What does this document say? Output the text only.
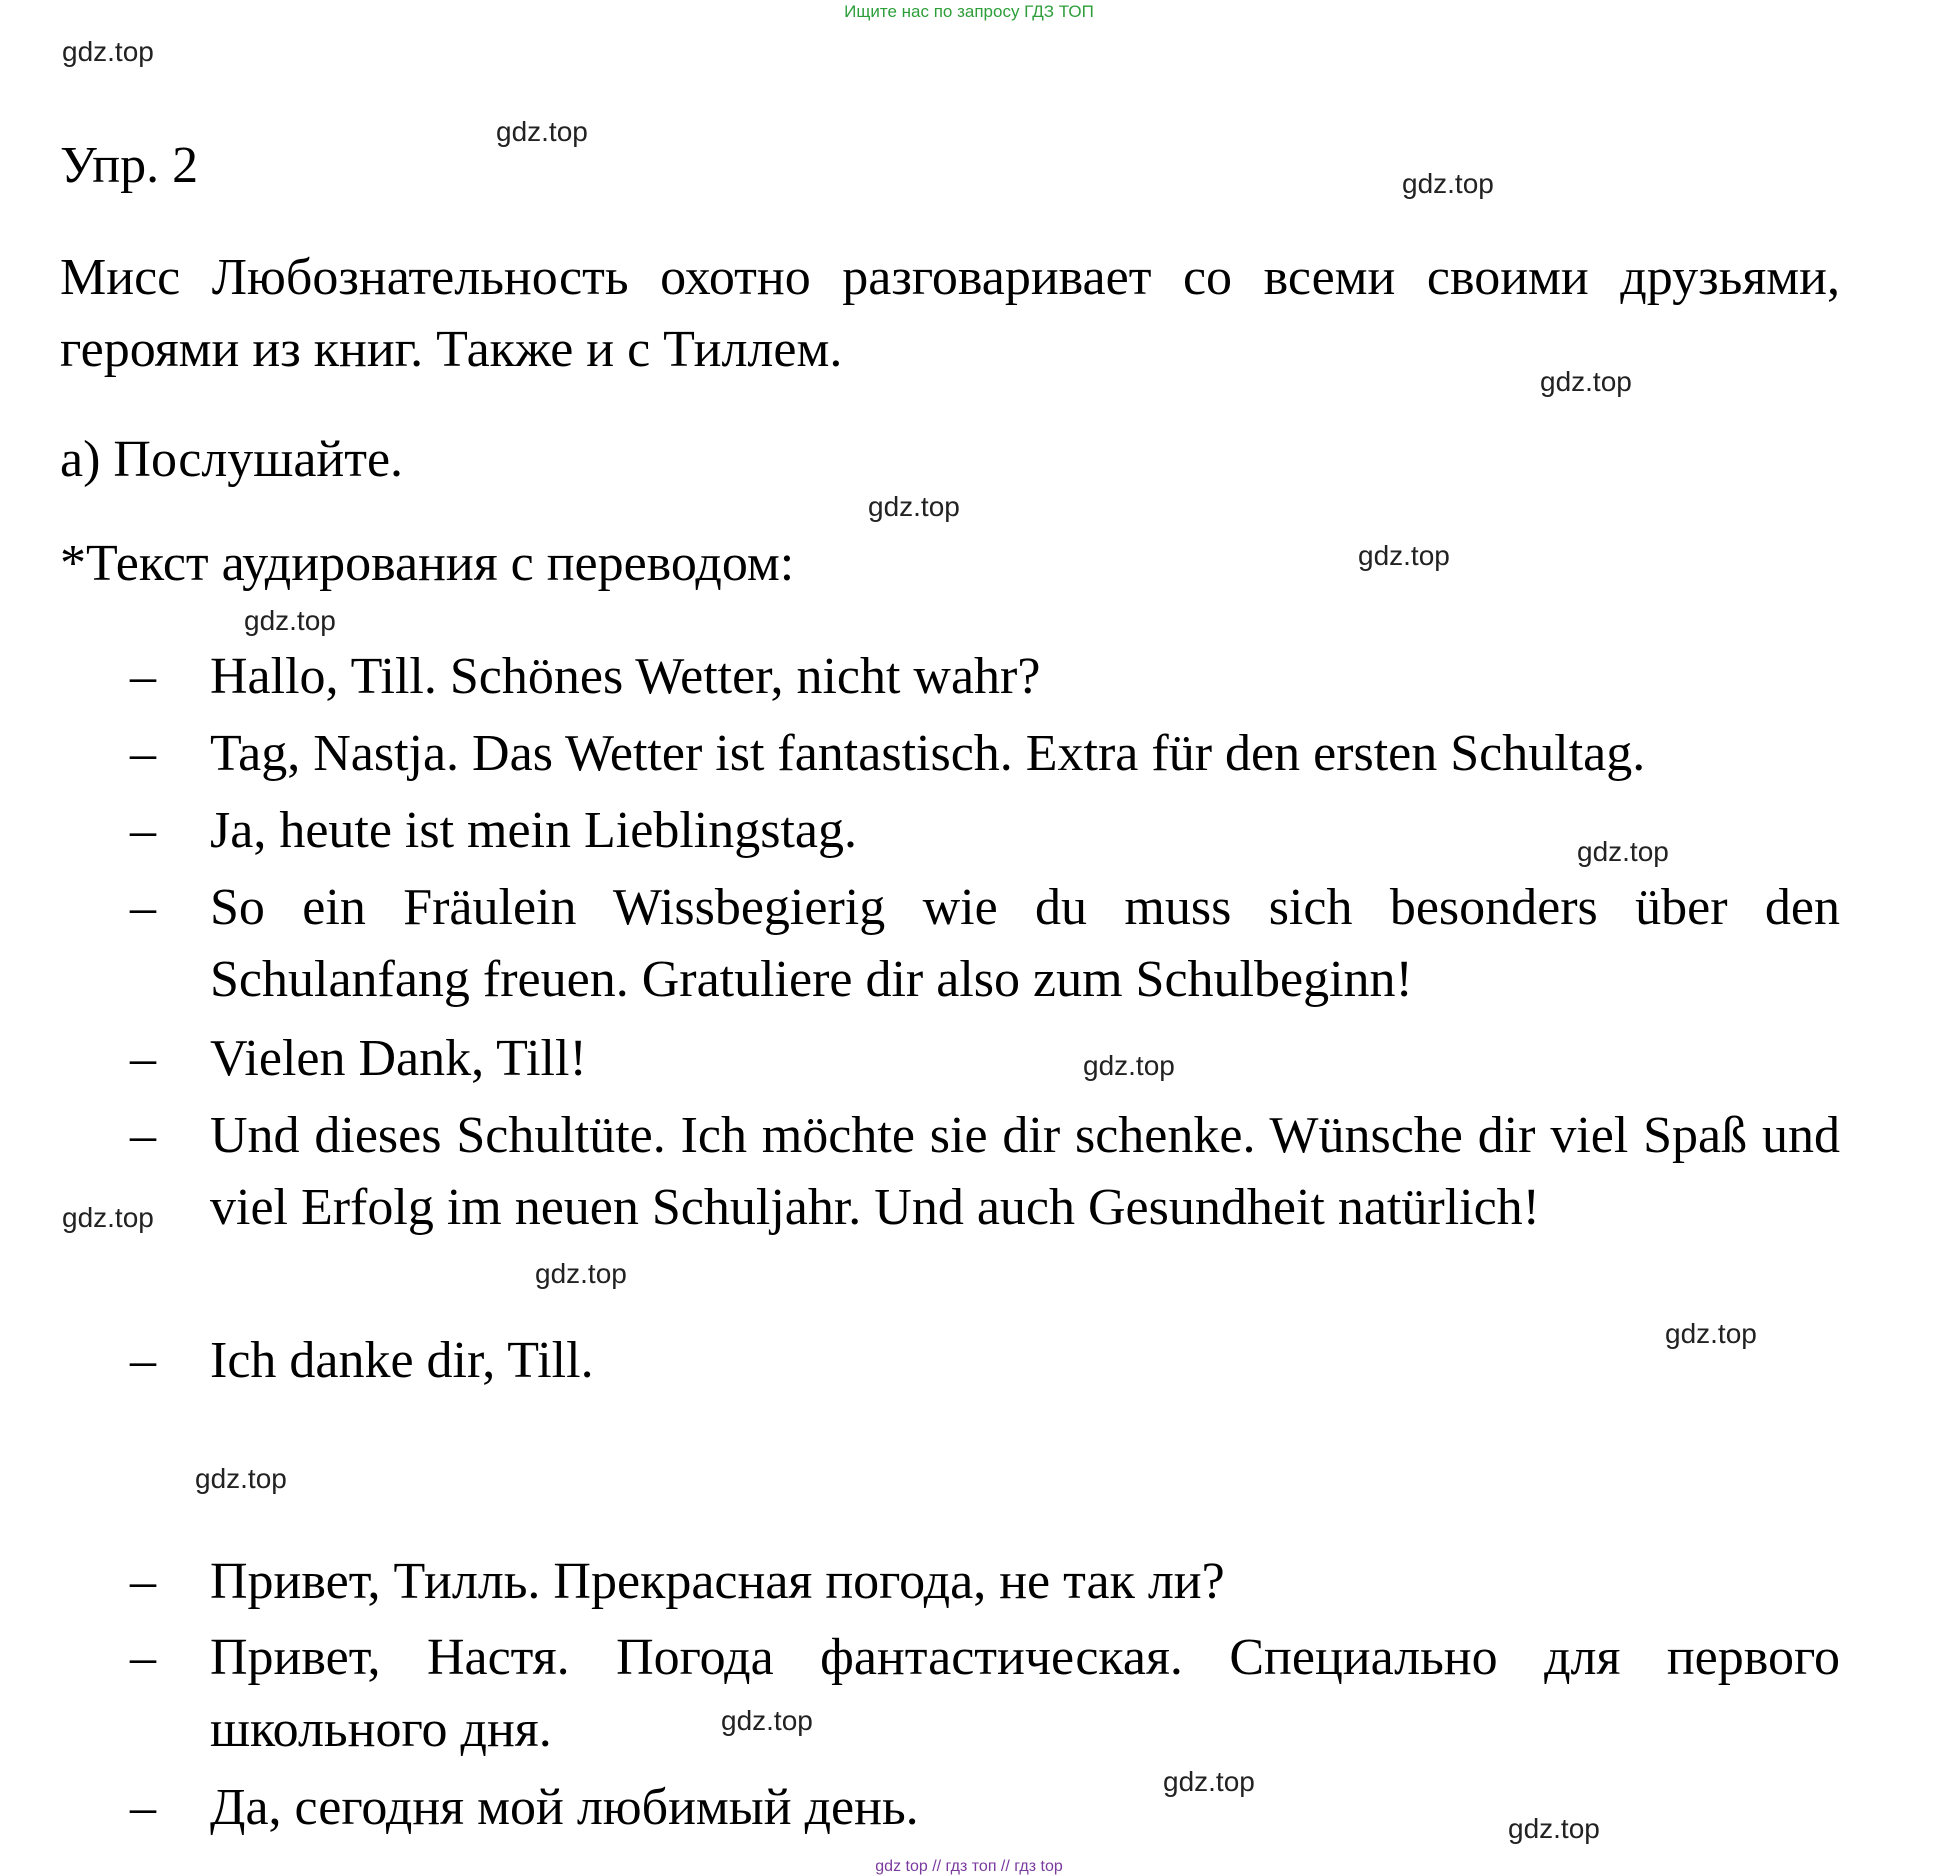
Ищите нас по запросу ГДЗ ТОП
gdz.top
gdz.top
gdz.top
gdz.top
gdz.top
gdz.top
gdz.top
gdz.top
gdz.top
gdz.top
gdz.top
gdz.top
gdz.top
gdz.top
gdz.top
gdz.top
Упр. 2
Мисс Любознательность охотно разговаривает со всеми своими друзьями, героями из книг. Также и с Тиллем.
а) Послушайте.
*Текст аудирования с переводом:
–	Hallo, Till. Schönes Wetter, nicht wahr?
–	Tag, Nastja. Das Wetter ist fantastisch. Extra für den ersten Schultag.
–	Ja, heute ist mein Lieblingstag.
–	So ein Fräulein Wissbegierig wie du muss sich besonders über den Schulanfang freuen. Gratuliere dir also zum Schulbeginn!
–	Vielen Dank, Till!
–	Und dieses Schultüte. Ich möchte sie dir schenke. Wünsche dir viel Spaß und viel Erfolg im neuen Schuljahr. Und auch Gesundheit natürlich!
–	Ich danke dir, Till.
–	Привет, Тилль. Прекрасная погода, не так ли?
–	Привет, Настя. Погода фантастическая. Специально для первого школьного дня.
–	Да, сегодня мой любимый день.
gdz top // гдз топ // гдз top
